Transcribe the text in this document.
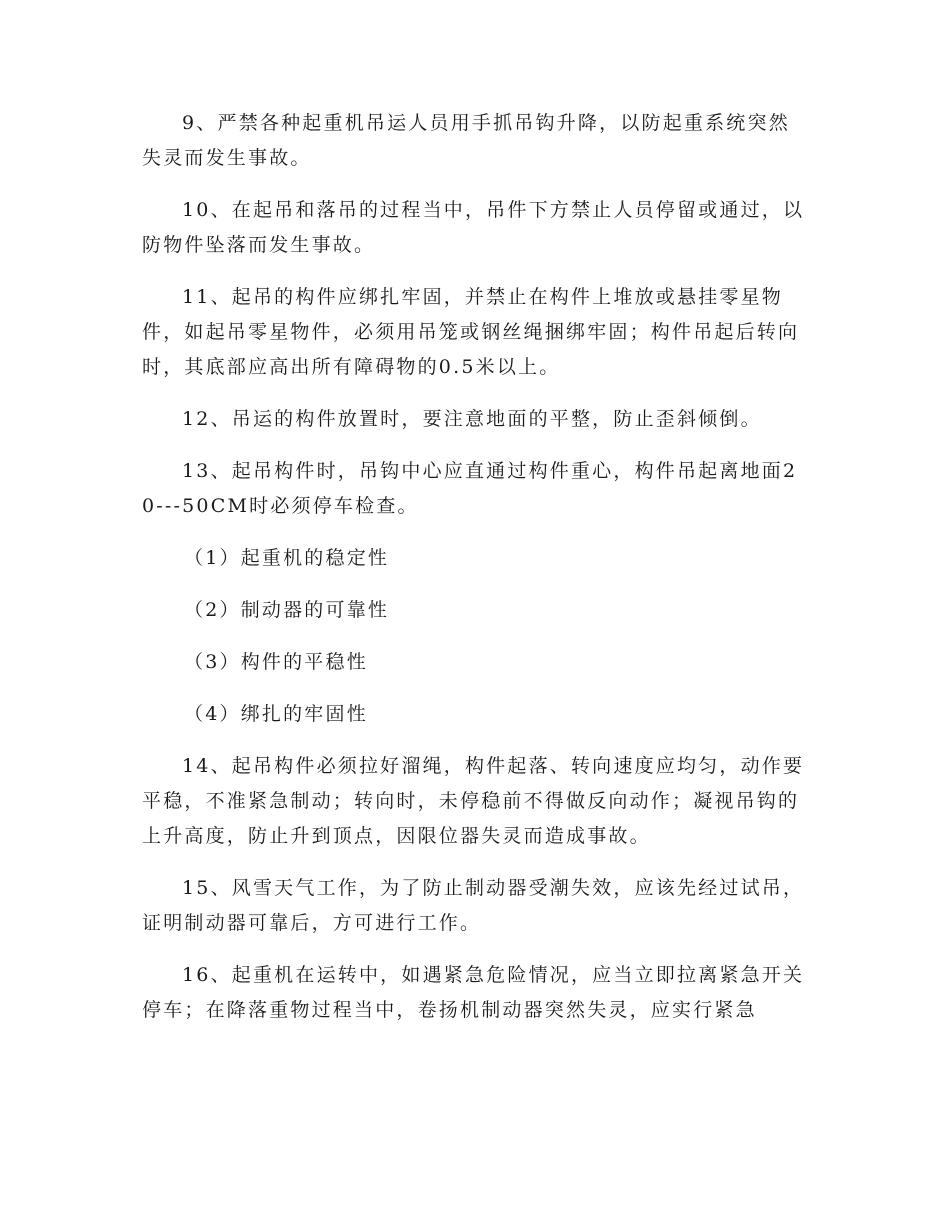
9、严禁各种起重机吊运人员用手抓吊钩升降，以防起重系统突然失灵而发生事故。

10、在起吊和落吊的过程当中，吊件下方禁止人员停留或通过，以防物件坠落而发生事故。

11、起吊的构件应绑扎牢固，并禁止在构件上堆放或悬挂零星物件，如起吊零星物件，必须用吊笼或钢丝绳捆绑牢固；构件吊起后转向时，其底部应高出所有障碍物的0.5米以上。

12、吊运的构件放置时，要注意地面的平整，防止歪斜倾倒。

13、起吊构件时，吊钩中心应直通过构件重心，构件吊起离地面20---50CM时必须停车检查。

（1）起重机的稳定性

（2）制动器的可靠性

（3）构件的平稳性

（4）绑扎的牢固性

14、起吊构件必须拉好溜绳，构件起落、转向速度应均匀，动作要平稳，不准紧急制动；转向时，未停稳前不得做反向动作；凝视吊钩的上升高度，防止升到顶点，因限位器失灵而造成事故。

15、风雪天气工作，为了防止制动器受潮失效，应该先经过试吊，证明制动器可靠后，方可进行工作。

16、起重机在运转中，如遇紧急危险情况，应当立即拉离紧急开关停车；在降落重物过程当中，卷扬机制动器突然失灵，应实行紧急
